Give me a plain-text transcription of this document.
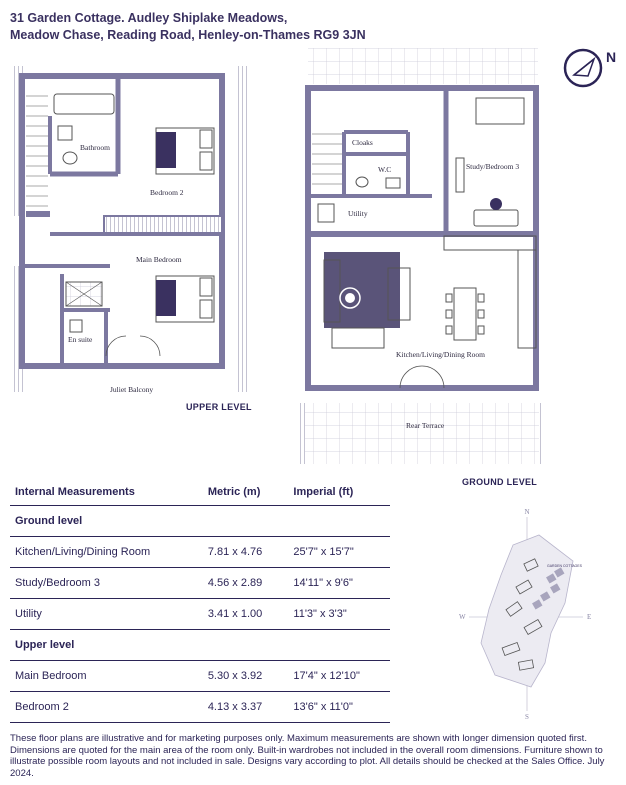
31 Garden Cottage. Audley Shiplake Meadows,
Meadow Chase, Reading Road, Henley-on-Thames RG9 3JN
N
Bathroom
Bedroom 2
Main Bedroom
En suite
Juliet Balcony
UPPER LEVEL
Cloaks
W.C
Utility
Study/Bedroom 3
Kitchen/Living/Dining Room
Rear Terrace
GROUND LEVEL
Internal Measurements	Metric (m)	Imperial (ft)
Ground level		
Kitchen/Living/Dining Room	7.81 x 4.76	25'7" x 15'7"
Study/Bedroom 3	4.56 x 2.89	14'11" x 9'6"
Utility	3.41 x 1.00	11'3" x 3'3"
Upper level		
Main Bedroom	5.30 x 3.92	17'4" x 12'10"
Bedroom 2	4.13 x 3.37	13'6" x 11'0"
N
S
E
W
GARDEN COTTAGES
These floor plans are illustrative and for marketing purposes only. Maximum measurements are shown with longer dimension quoted first. Dimensions are quoted for the main area of the room only. Built-in wardrobes not included in the overall room dimensions. Furniture shown to illustrate possible room layouts and not included in sale. Designs vary according to plot. All details should be checked at the Sales Office. July 2024.
